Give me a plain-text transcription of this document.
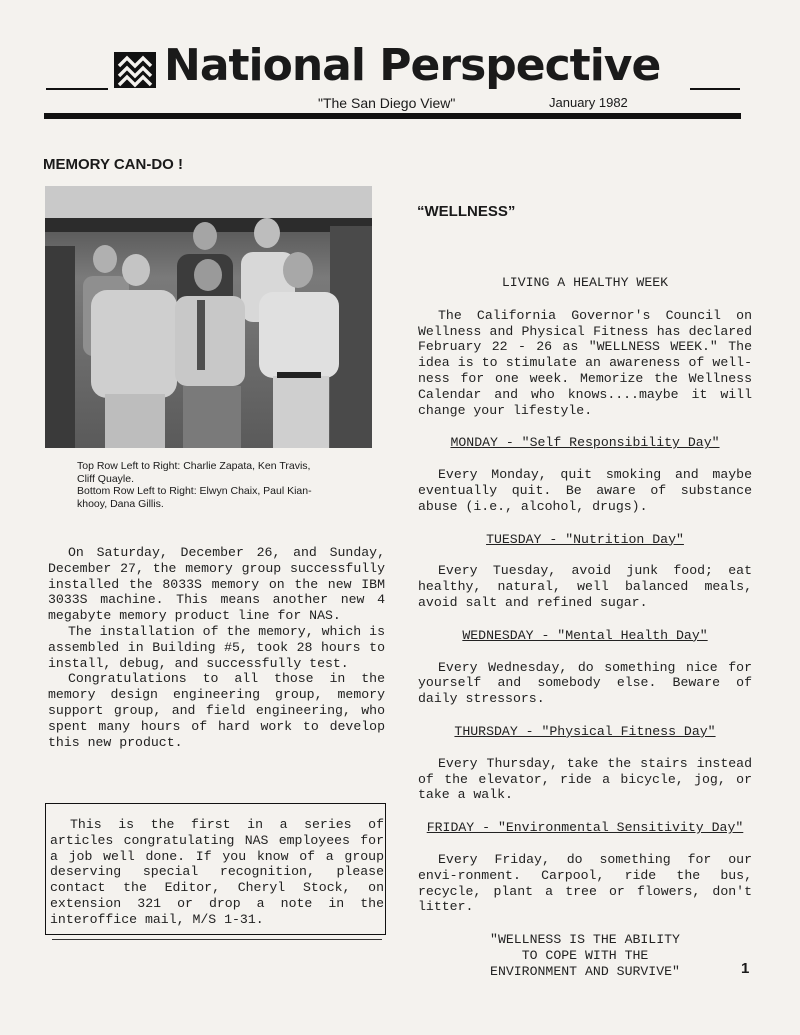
National Perspective
"The San Diego View"	January 1982
MEMORY CAN-DO !
Top Row Left to Right: Charlie Zapata, Ken Travis,
Cliff Quayle.
Bottom Row Left to Right: Elwyn Chaix, Paul Kian-
khooy, Dana Gillis.

On Saturday, December 26, and Sunday, December 27, the memory group successfully installed the 8033S memory on the new IBM 3033S machine. This means another new 4 megabyte memory product line for NAS.

The installation of the memory, which is assembled in Building #5, took 28 hours to install, debug, and successfully test.

Congratulations to all those in the memory design engineering group, memory support group, and field engineering, who spent many hours of hard work to develop this new product.

This is the first in a series of articles congratulating NAS employees for a job well done. If you know of a group deserving special recognition, please contact the Editor, Cheryl Stock, on extension 321 or drop a note in the interoffice mail, M/S 1-31.

“WELLNESS”
LIVING A HEALTHY WEEK

The California Governor's Council on Wellness and Physical Fitness has declared February 22 - 26 as "WELLNESS WEEK." The idea is to stimulate an awareness of well-ness for one week. Memorize the Wellness Calendar and who knows....maybe it will change your lifestyle.

MONDAY - "Self Responsibility Day"

Every Monday, quit smoking and maybe eventually quit. Be aware of substance abuse (i.e., alcohol, drugs).

TUESDAY - "Nutrition Day"

Every Tuesday, avoid junk food; eat healthy, natural, well balanced meals, avoid salt and refined sugar.

WEDNESDAY - "Mental Health Day"

Every Wednesday, do something nice for yourself and somebody else. Beware of daily stressors.

THURSDAY - "Physical Fitness Day"

Every Thursday, take the stairs instead of the elevator, ride a bicycle, jog, or take a walk.

FRIDAY - "Environmental Sensitivity Day"

Every Friday, do something for our envi-ronment. Carpool, ride the bus, recycle, plant a tree or flowers, don't litter.

"WELLNESS IS THE ABILITY
TO COPE WITH THE
ENVIRONMENT AND SURVIVE"	1
